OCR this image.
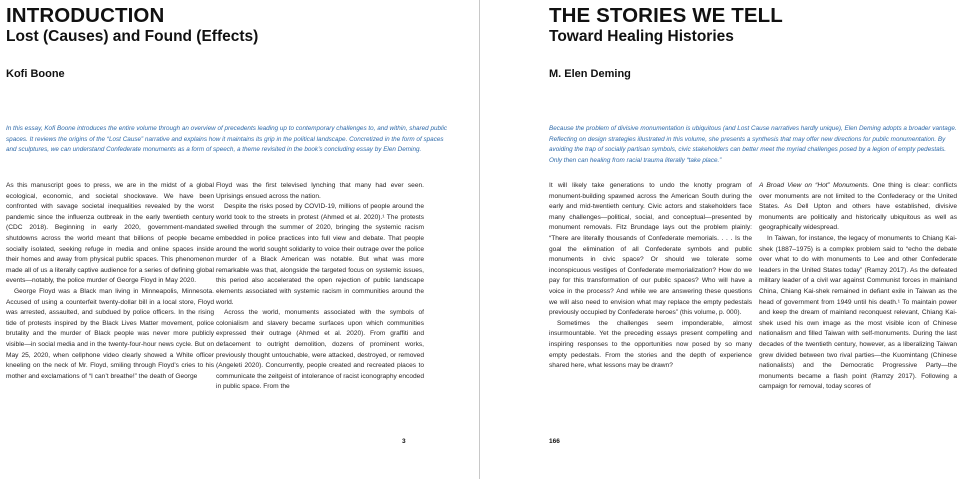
INTRODUCTION
Lost (Causes) and Found (Effects)
Kofi Boone

In this essay, Kofi Boone introduces the entire volume through an overview of precedents leading up to contemporary challenges to, and within, shared public spaces. It reviews the origins of the “Lost Cause” narrative and explains how it maintains its grip in the political landscape. Concretized in the form of spaces and sculptures, we can understand Confederate monuments as a form of speech, a theme revisited in the book’s concluding essay by Elen Deming.

As this manuscript goes to press, we are in the midst of a global ecological, economic, and societal shockwave. We have been confronted with savage societal inequalities revealed by the worst pandemic since the influenza outbreak in the early twentieth century (CDC 2018). Beginning in early 2020, government-mandated shutdowns across the world meant that billions of people became socially isolated, seeking refuge in media and online spaces inside their homes and away from physical public spaces. This phenomenon made all of us a literally captive audience for a series of defining global events—notably, the police murder of George Floyd in May 2020.

George Floyd was a Black man living in Minneapolis, Minnesota. Accused of using a counterfeit twenty-dollar bill in a local store, Floyd was arrested, assaulted, and subdued by police officers. In the rising tide of protests inspired by the Black Lives Matter movement, police brutality and the murder of Black people was never more publicly visible—in social media and in the twenty-four-hour news cycle. But on May 25, 2020, when cellphone video clearly showed a White officer kneeling on the neck of Mr. Floyd, smiling through Floyd’s cries to his mother and exclamations of “I can’t breathe!” the death of George

Floyd was the first televised lynching that many had ever seen. Uprisings ensued across the nation.

Despite the risks posed by COVID-19, millions of people around the world took to the streets in protest (Ahmed et al. 2020).¹ The protests swelled through the summer of 2020, bringing the systemic racism embedded in police practices into full view and debate. That people around the world sought solidarity to voice their outrage over the police murder of a Black American was notable. But what was more remarkable was that, alongside the targeted focus on systemic issues, this period also accelerated the open rejection of public landscape elements associated with systemic racism in communities around the world.

Across the world, monuments associated with the symbols of colonialism and slavery became surfaces upon which communities expressed their outrage (Ahmed et al. 2020). From graffiti and defacement to outright demolition, dozens of prominent works, previously thought untouchable, were attacked, destroyed, or removed (Angeleti 2020). Concurrently, people created and recreated places to communicate the zeitgeist of intolerance of racist iconography encoded in public space. From the

3
THE STORIES WE TELL
Toward Healing Histories
M. Elen Deming

Because the problem of divisive monumentation is ubiquitous (and Lost Cause narratives hardly unique), Elen Deming adopts a broader vantage. Reflecting on design strategies illustrated in this volume, she presents a synthesis that may offer new directions for public monumentation. By avoiding the trap of socially partisan symbols, civic stakeholders can better meet the myriad challenges posed by a legion of empty pedestals. Only then can healing from racial trauma literally “take place.”

It will likely take generations to undo the knotty program of monument-building spawned across the American South during the early and mid-twentieth century. Civic actors and stakeholders face many challenges—political, social, and conceptual—presented by monument removals. Fitz Brundage lays out the problem plainly: “There are literally thousands of Confederate memorials. . . . Is the goal the elimination of all Confederate symbols and public monuments in civic space? Or should we tolerate some inconspicuous vestiges of Confederate memorialization? How do we pay for this transformation of our public spaces? Who will have a voice in the process? And while we are answering these questions we will also need to envision what may replace the empty pedestals previously occupied by Confederate heroes” (this volume, p. 000).

Sometimes the challenges seem imponderable, almost insurmountable. Yet the preceding essays present compelling and inspiring responses to the opportunities now posed by so many empty pedestals. From the stories and the depth of experience shared here, what lessons may be drawn?

A Broad View on “Hot” Monuments. One thing is clear: conflicts over monuments are not limited to the Confederacy or the United States. As Dell Upton and others have established, divisive monuments are politically and historically ubiquitous as well as geographically widespread.

In Taiwan, for instance, the legacy of monuments to Chiang Kai-shek (1887–1975) is a complex problem said to “echo the debate over what to do with monuments to Lee and other Confederate leaders in the United States today” (Ramzy 2017). As the defeated military leader of a civil war against Communist forces in mainland China, Chiang Kai-shek remained in defiant exile in Taiwan as the head of government from 1949 until his death.¹ To maintain power and keep the dream of mainland reconquest relevant, Chiang Kai-shek used his own image as the most visible icon of Chinese nationalism and filled Taiwan with self-monuments. During the last decades of the twentieth century, however, as a liberalizing Taiwan grew divided between two rival parties—the Kuomintang (Chinese nationalists) and the Democratic Progressive Party—the monuments became a flash point (Ramzy 2017). Following a campaign for removal, today scores of

166
